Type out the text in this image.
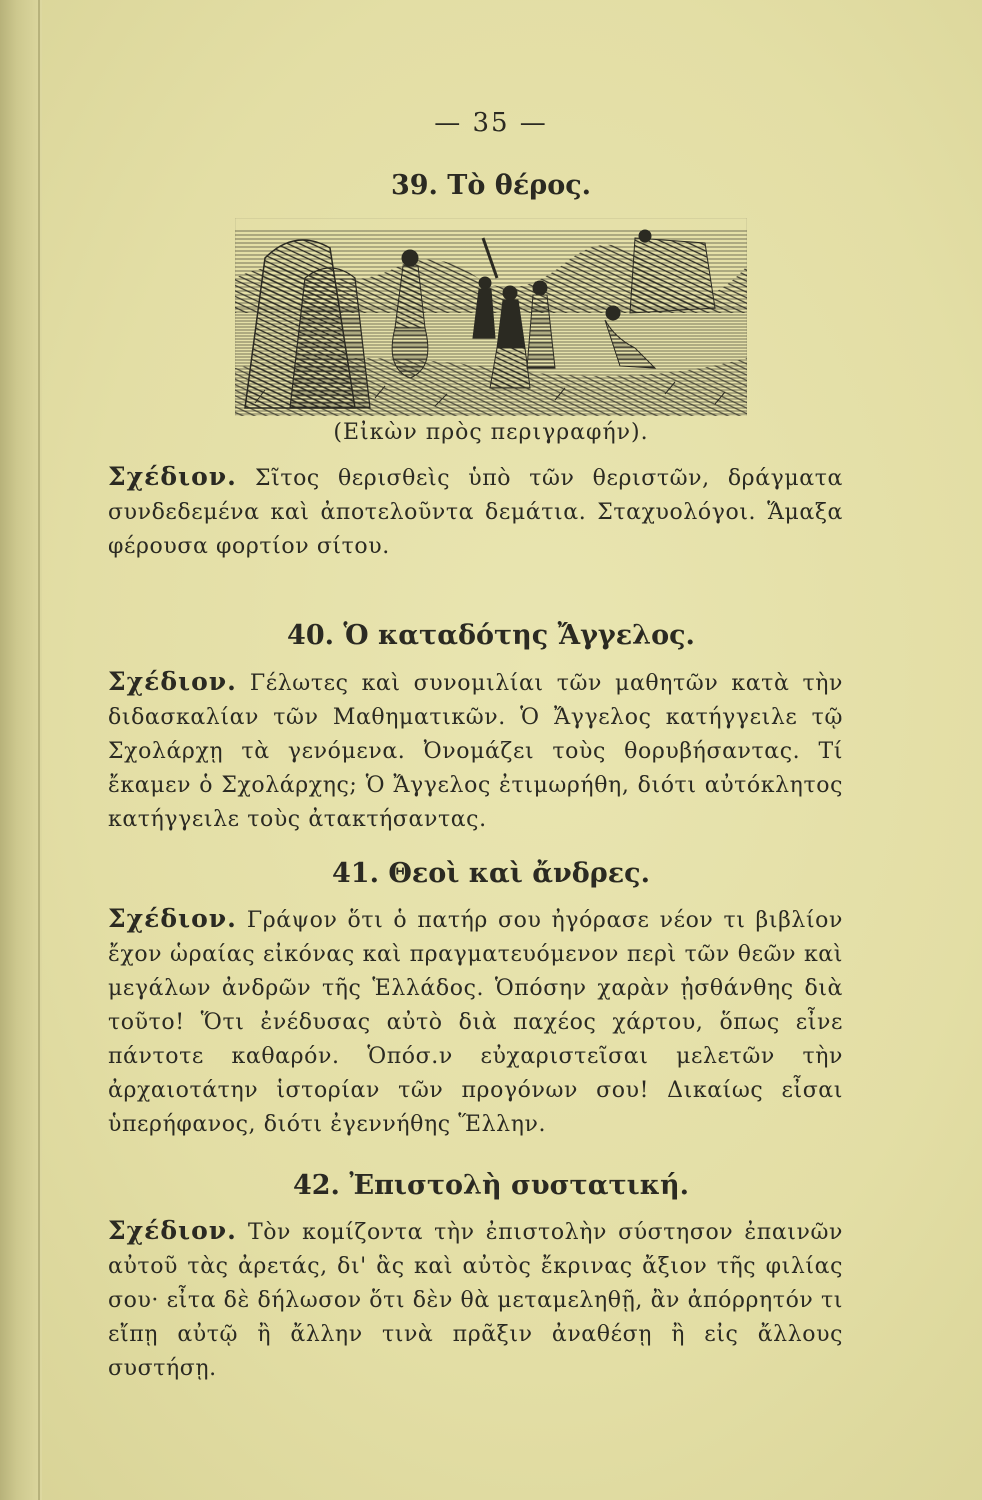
— 35 —
39. Τὸ θέρος.
(Εἰκὼν πρὸς περιγραφήν).

Σχέδιον. Σῖτος θερισθεὶς ὑπὸ τῶν θεριστῶν, δράγματα συνδεδεμένα καὶ ἀποτελοῦντα δεμάτια. Σταχυολόγοι. Ἅμαξα φέρουσα φορτίον σίτου.

40. Ὁ καταδότης Ἄγγελος.

Σχέδιον. Γέλωτες καὶ συνομιλίαι τῶν μαθητῶν κατὰ τὴν διδασκαλίαν τῶν Μαθηματικῶν. Ὁ Ἄγγελος κατήγγειλε τῷ Σχολάρχῃ τὰ γενόμενα. Ὀνομάζει τοὺς θορυβήσαντας. Τί ἔκαμεν ὁ Σχολάρχης; Ὁ Ἄγγελος ἐτιμωρήθη, διότι αὐτόκλητος κατήγγειλε τοὺς ἀτακτήσαντας.

41. Θεοὶ καὶ ἄνδρες.

Σχέδιον. Γράψον ὅτι ὁ πατήρ σου ἠγόρασε νέον τι βιβλίον ἔχον ὡραίας εἰκόνας καὶ πραγματευόμενον περὶ τῶν θεῶν καὶ μεγάλων ἀνδρῶν τῆς Ἑλλάδος. Ὁπόσην χαρὰν ᾐσθάνθης διὰ τοῦτο! Ὅτι ἐνέδυσας αὐτὸ διὰ παχέος χάρτου, ὅπως εἶνε πάντοτε καθαρόν. Ὁπόσ.ν εὐχαριστεῖσαι μελετῶν τὴν ἀρχαιοτάτην ἱστορίαν τῶν προγόνων σου! Δικαίως εἶσαι ὑπερήφανος, διότι ἐγεννήθης Ἕλλην.

42. Ἐπιστολὴ συστατική.

Σχέδιον. Τὸν κομίζοντα τὴν ἐπιστολὴν σύστησον ἐπαινῶν αὐτοῦ τὰς ἀρετάς, δι' ἃς καὶ αὐτὸς ἔκρινας ἄξιον τῆς φιλίας σου· εἶτα δὲ δήλωσον ὅτι δὲν θὰ μεταμεληθῇ, ἂν ἀπόρρητόν τι εἴπῃ αὐτῷ ἢ ἄλλην τινὰ πρᾶξιν ἀναθέσῃ ἢ εἰς ἄλλους συστήσῃ.
